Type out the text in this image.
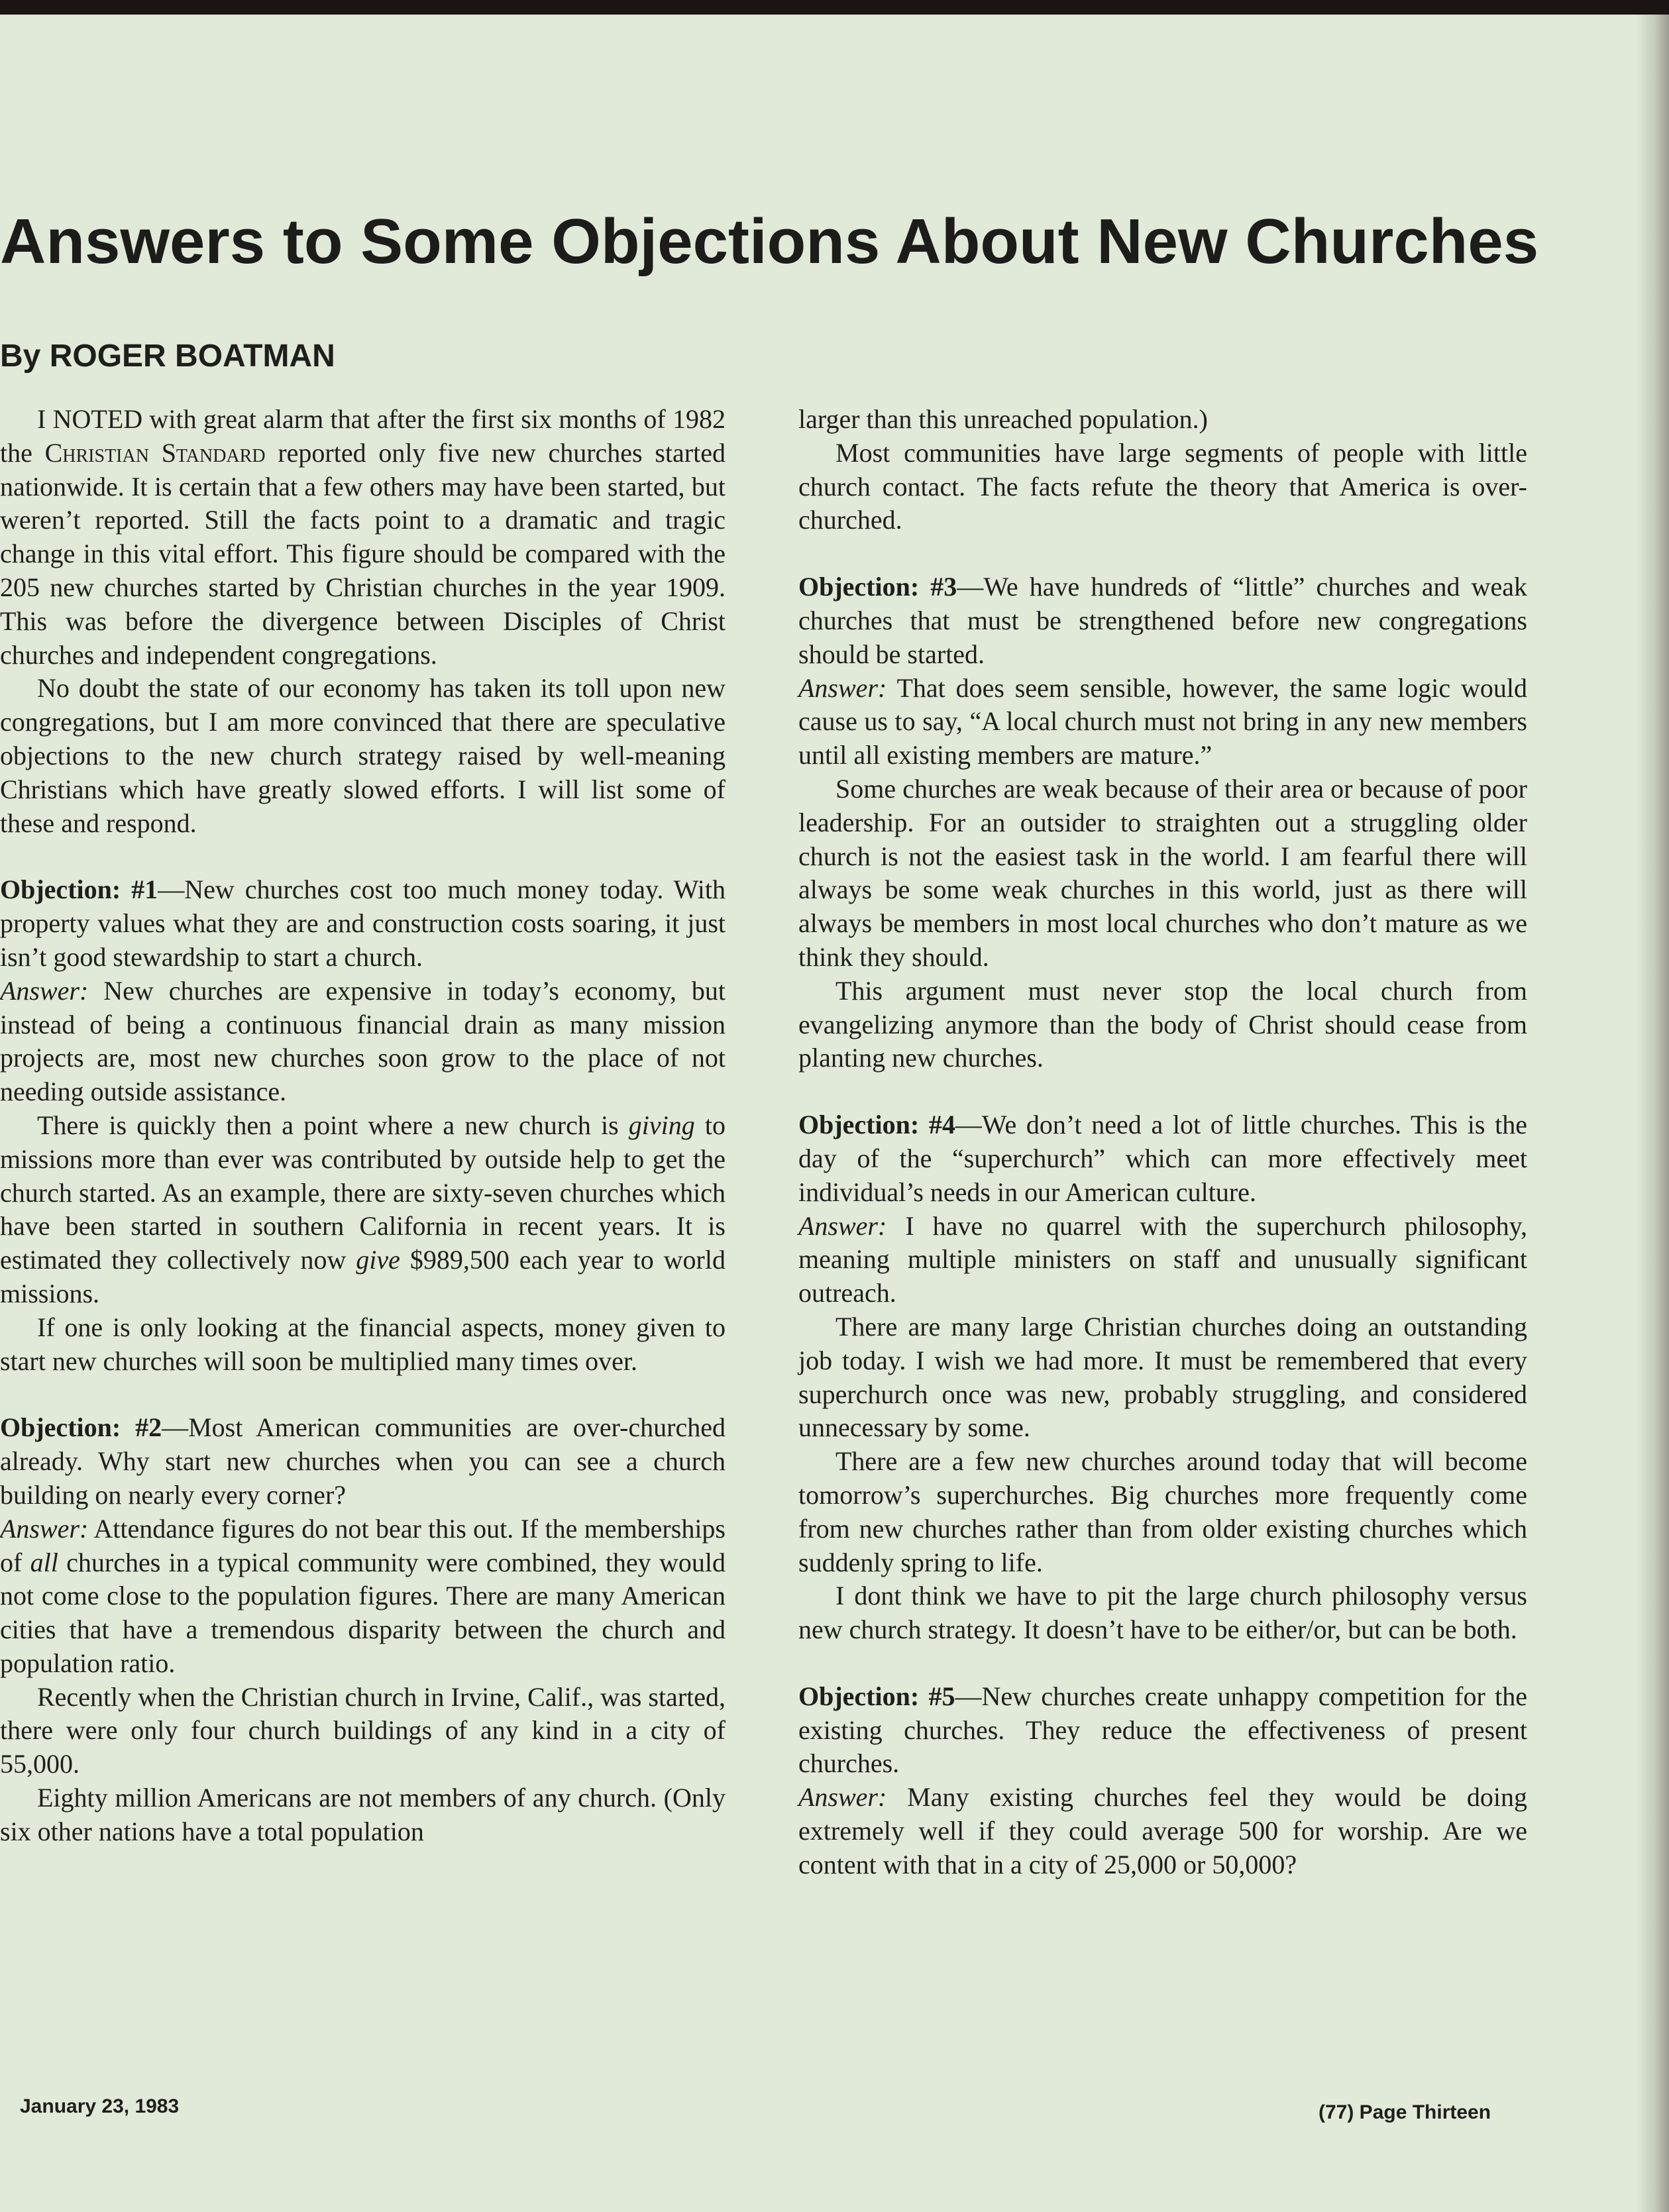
Answers to Some Objections About New Churches
By ROGER BOATMAN

I NOTED with great alarm that after the first six months of 1982 the Christian Standard reported only five new churches started nationwide. It is certain that a few others may have been started, but weren’t reported. Still the facts point to a dramatic and tragic change in this vital effort. This figure should be compared with the 205 new churches started by Christian churches in the year 1909. This was before the divergence between Disciples of Christ churches and independent congregations.

No doubt the state of our economy has taken its toll upon new congregations, but I am more convinced that there are speculative objections to the new church strategy raised by well-meaning Christians which have greatly slowed efforts. I will list some of these and respond.

Objection: #1—New churches cost too much money today. With property values what they are and construction costs soaring, it just isn’t good stewardship to start a church.

Answer: New churches are expensive in today’s economy, but instead of being a continuous financial drain as many mission projects are, most new churches soon grow to the place of not needing outside assistance.

There is quickly then a point where a new church is giving to missions more than ever was contributed by outside help to get the church started. As an example, there are sixty-seven churches which have been started in southern California in recent years. It is estimated they collectively now give $989,500 each year to world missions.

If one is only looking at the financial aspects, money given to start new churches will soon be multiplied many times over.

Objection: #2—Most American communities are over-churched already. Why start new churches when you can see a church building on nearly every corner?

Answer: Attendance figures do not bear this out. If the memberships of all churches in a typical community were combined, they would not come close to the population figures. There are many American cities that have a tremendous disparity between the church and population ratio.

Recently when the Christian church in Irvine, Calif., was started, there were only four church buildings of any kind in a city of 55,000.

Eighty million Americans are not members of any church. (Only six other nations have a total population

larger than this unreached population.)

Most communities have large segments of people with little church contact. The facts refute the theory that America is over-churched.

Objection: #3—We have hundreds of “little” churches and weak churches that must be strengthened before new congregations should be started.

Answer: That does seem sensible, however, the same logic would cause us to say, “A local church must not bring in any new members until all existing members are mature.”

Some churches are weak because of their area or because of poor leadership. For an outsider to straighten out a struggling older church is not the easiest task in the world. I am fearful there will always be some weak churches in this world, just as there will always be members in most local churches who don’t mature as we think they should.

This argument must never stop the local church from evangelizing anymore than the body of Christ should cease from planting new churches.

Objection: #4—We don’t need a lot of little churches. This is the day of the “superchurch” which can more effectively meet individual’s needs in our American culture.

Answer: I have no quarrel with the superchurch philosophy, meaning multiple ministers on staff and unusually significant outreach.

There are many large Christian churches doing an outstanding job today. I wish we had more. It must be remembered that every superchurch once was new, probably struggling, and considered unnecessary by some.

There are a few new churches around today that will become tomorrow’s superchurches. Big churches more frequently come from new churches rather than from older existing churches which suddenly spring to life.

I dont think we have to pit the large church philosophy versus new church strategy. It doesn’t have to be either/or, but can be both.

Objection: #5—New churches create unhappy competition for the existing churches. They reduce the effectiveness of present churches.

Answer: Many existing churches feel they would be doing extremely well if they could average 500 for worship. Are we content with that in a city of 25,000 or 50,000?

January 23, 1983	(77) Page Thirteen
